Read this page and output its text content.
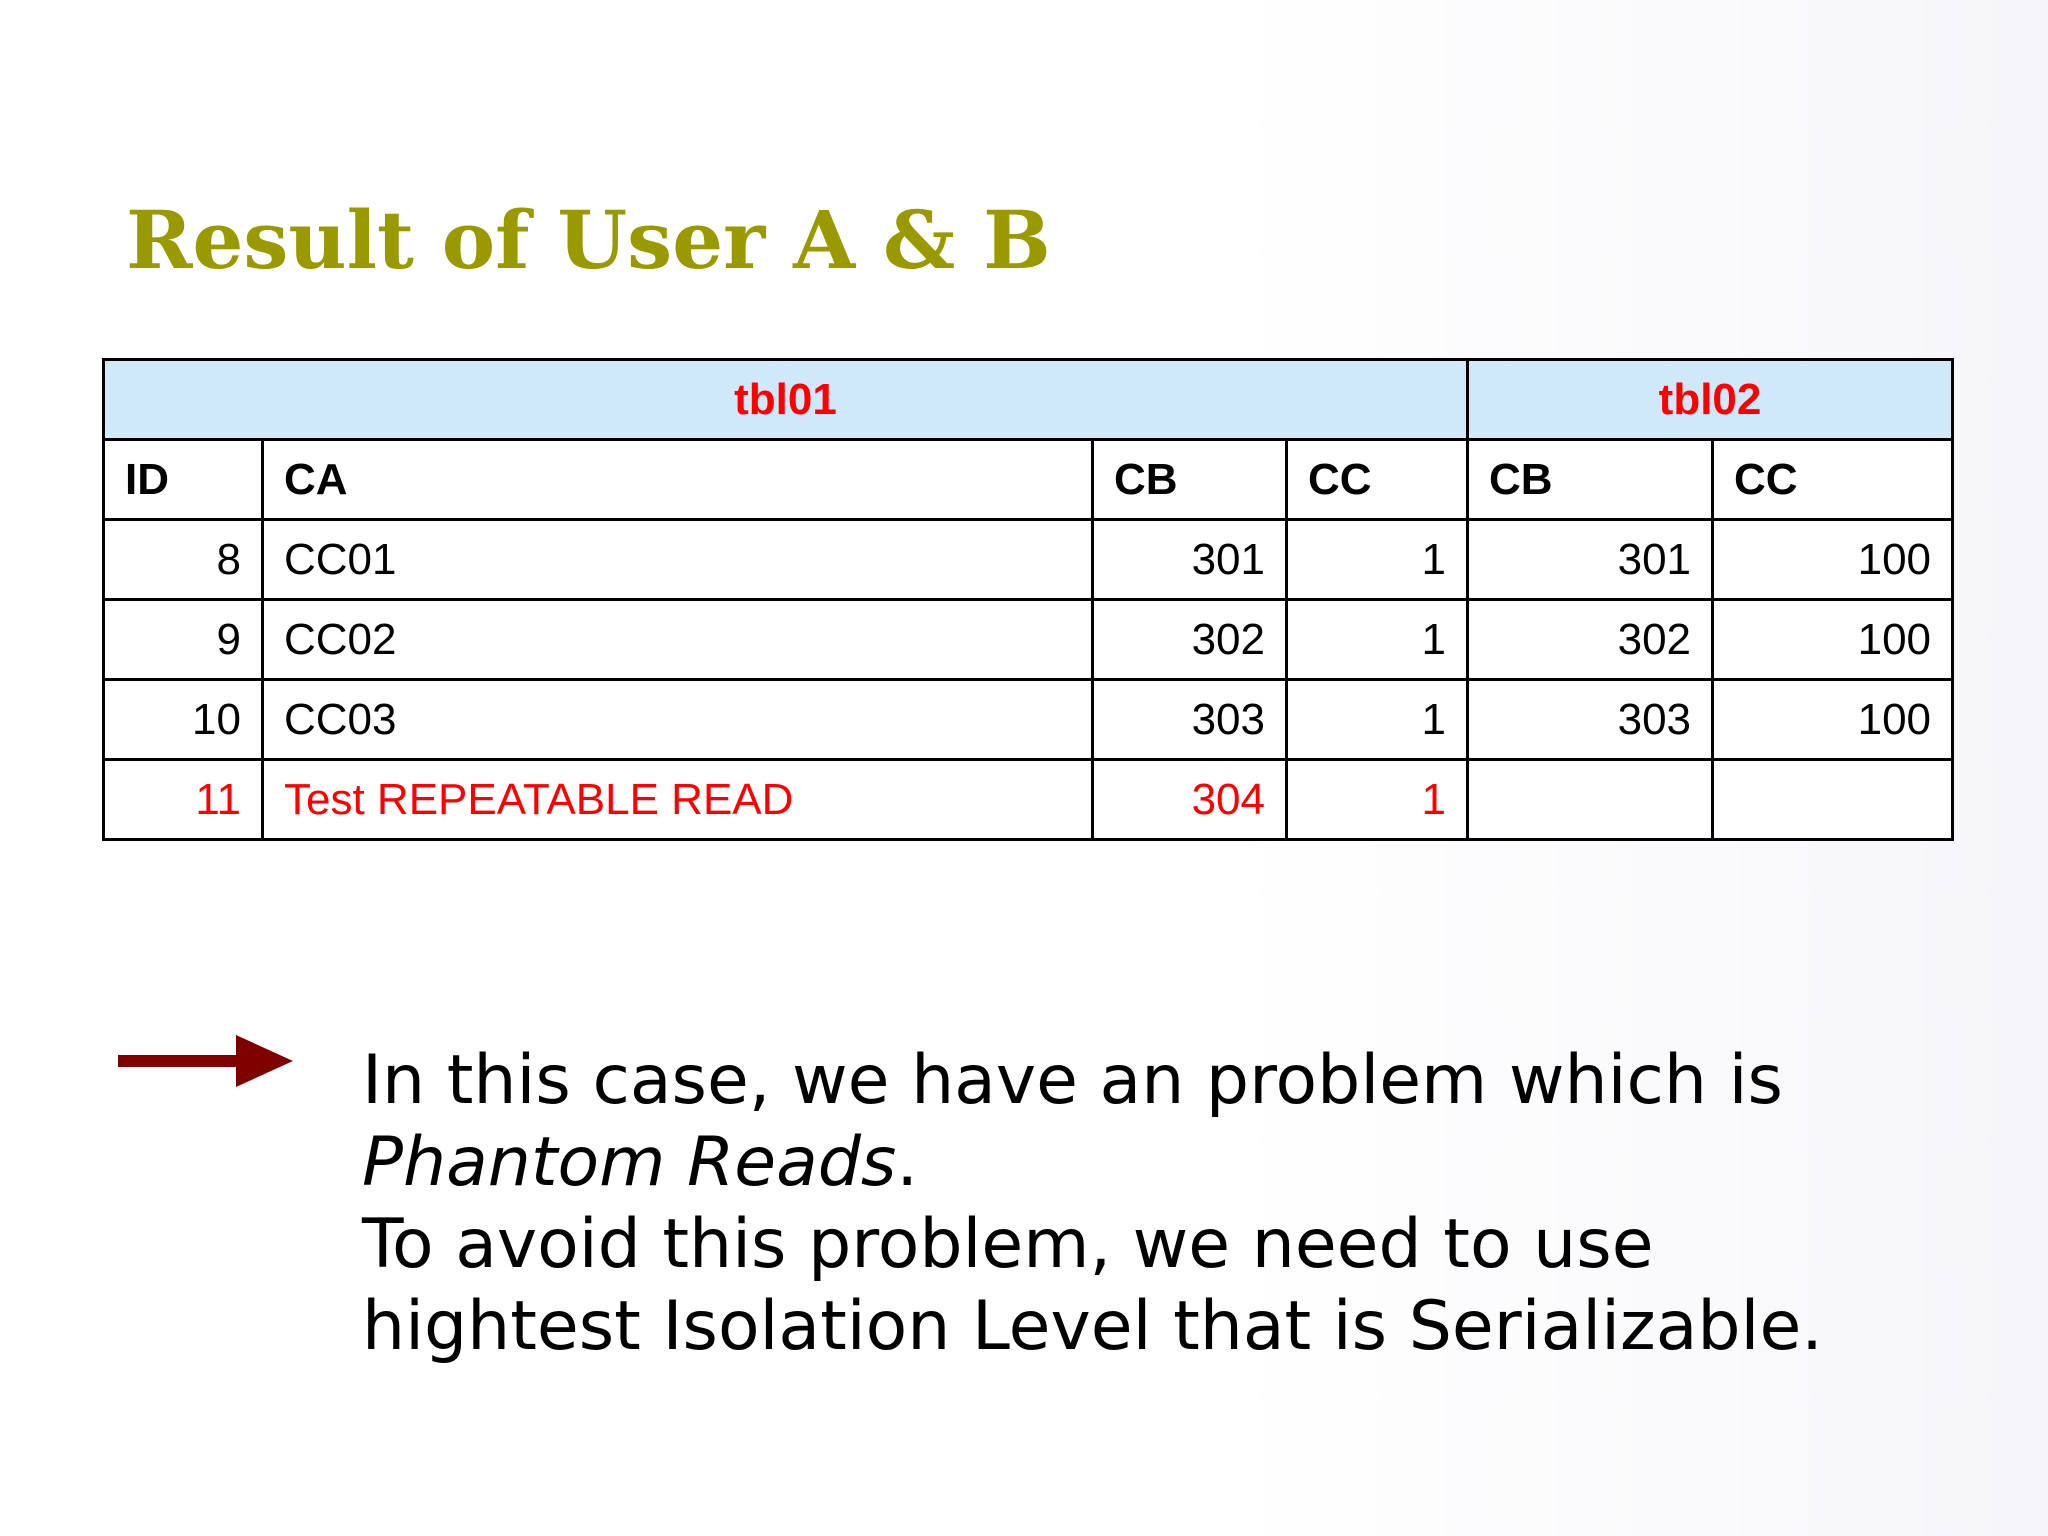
Result of User A & B
tbl01				tbl02	
ID	CA	CB	CC	CB	CC
8	CC01	301	1	301	100
9	CC02	302	1	302	100
10	CC03	303	1	303	100
11	Test REPEATABLE READ	304	1		

In this case, we have an problem which is
Phantom Reads.
To avoid this problem, we need to use
hightest Isolation Level that is Serializable.
